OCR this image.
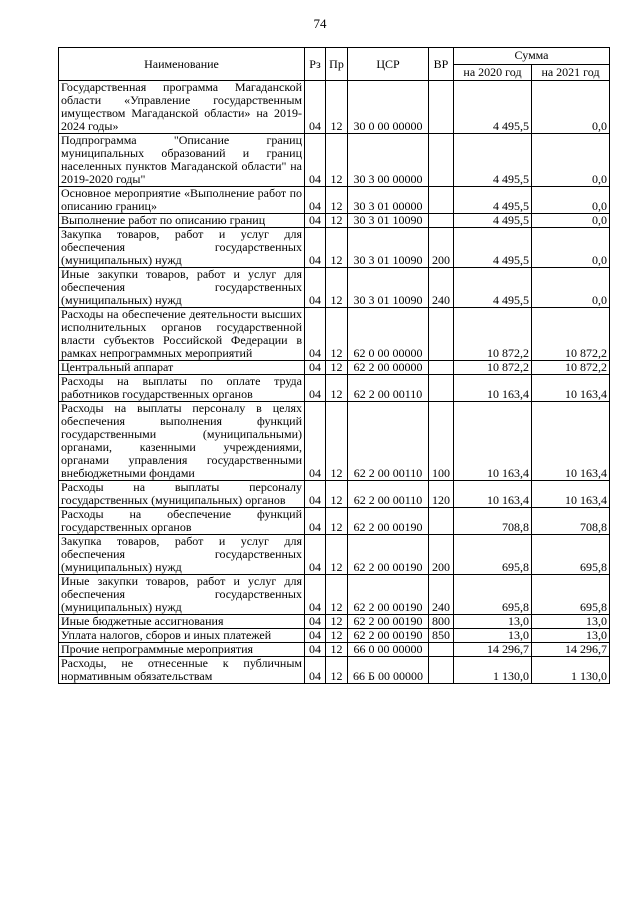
74
Наименование	Рз	Пр	ЦСР	ВР	Сумма	
					на 2020 год	на 2021 год
Государственная программа Магаданской области «Управление государственным имуществом Магаданской области» на 2019-2024 годы»	04	12	30 0 00 00000		4 495,5	0,0
Подпрограмма "Описание границ муниципальных образований и границ населенных пунктов Магаданской области" на 2019-2020 годы"	04	12	30 3 00 00000		4 495,5	0,0
Основное мероприятие «Выполнение работ по описанию границ»	04	12	30 3 01 00000		4 495,5	0,0
Выполнение работ по описанию границ	04	12	30 3 01 10090		4 495,5	0,0
Закупка товаров, работ и услуг для обеспечения государственных (муниципальных) нужд	04	12	30 3 01 10090	200	4 495,5	0,0
Иные закупки товаров, работ и услуг для обеспечения государственных (муниципальных) нужд	04	12	30 3 01 10090	240	4 495,5	0,0
Расходы на обеспечение деятельности высших исполнительных органов государственной власти субъектов Российской Федерации в рамках непрограммных мероприятий	04	12	62 0 00 00000		10 872,2	10 872,2
Центральный аппарат	04	12	62 2 00 00000		10 872,2	10 872,2
Расходы на выплаты по оплате труда работников государственных органов	04	12	62 2 00 00110		10 163,4	10 163,4
Расходы на выплаты персоналу в целях обеспечения выполнения функций государственными (муниципальными) органами, казенными учреждениями, органами управления государственными внебюджетными фондами	04	12	62 2 00 00110	100	10 163,4	10 163,4
Расходы на выплаты персоналу государственных (муниципальных) органов	04	12	62 2 00 00110	120	10 163,4	10 163,4
Расходы на обеспечение функций государственных органов	04	12	62 2 00 00190		708,8	708,8
Закупка товаров, работ и услуг для обеспечения государственных (муниципальных) нужд	04	12	62 2 00 00190	200	695,8	695,8
Иные закупки товаров, работ и услуг для обеспечения государственных (муниципальных) нужд	04	12	62 2 00 00190	240	695,8	695,8
Иные бюджетные ассигнования	04	12	62 2 00 00190	800	13,0	13,0
Уплата налогов, сборов и иных платежей	04	12	62 2 00 00190	850	13,0	13,0
Прочие непрограммные мероприятия	04	12	66 0 00 00000		14 296,7	14 296,7
Расходы, не отнесенные к публичным нормативным обязательствам	04	12	66 Б 00 00000		1 130,0	1 130,0
